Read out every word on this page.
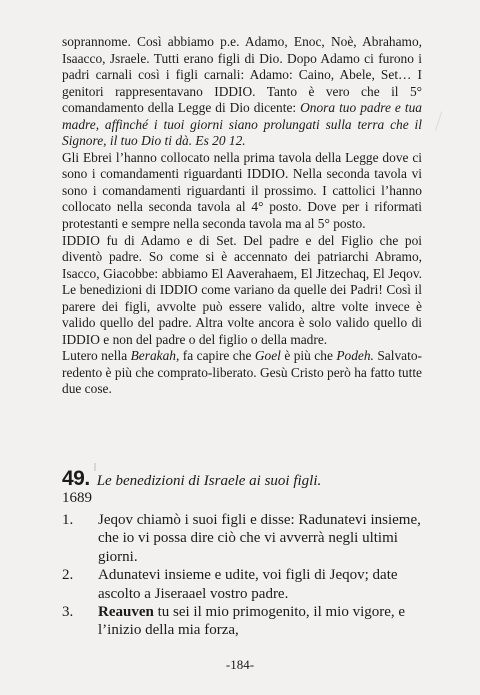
soprannome. Così abbiamo p.e. Adamo, Enoc, Noè, Abrahamo, Isaacco, Jsraele. Tutti erano figli di Dio. Dopo Adamo ci furono i padri carnali così i figli carnali: Adamo: Caino, Abele, Set… I genitori rappresentavano IDDIO. Tanto è vero che il 5° comandamento della Legge di Dio dicente: Onora tuo padre e tua madre, affinché i tuoi giorni siano prolungati sulla terra che il Signore, il tuo Dio ti dà. Es 20 12.

Gli Ebrei l’hanno collocato nella prima tavola della Legge dove ci sono i comandamenti riguardanti IDDIO. Nella seconda tavola vi sono i comandamenti riguardanti il prossimo. I cattolici l’hanno collocato nella seconda tavola al 4° posto. Dove per i riformati protestanti e sempre nella seconda tavola ma al 5° posto.

IDDIO fu di Adamo e di Set. Del padre e del Figlio che poi diventò padre. So come si è accennato dei patriarchi Abramo, Isacco, Giacobbe: abbiamo El Aaverahaem, El Jitzechaq, El Jeqov. Le benedizioni di IDDIO come variano da quelle dei Padri! Così il parere dei figli, avvolte può essere valido, altre volte invece è valido quello del padre. Altra volte ancora è solo valido quello di IDDIO e non del padre o del figlio o della madre.

Lutero nella Berakah, fa capire che Goel è più che Podeh. Salvato-redento è più che comprato-liberato. Gesù Cristo però ha fatto tutte due cose.

49. Le benedizioni di Israele ai suoi figli.
1689
1. Jeqov chiamò i suoi figli e disse: Radunatevi insieme, che io vi possa dire ciò che vi avverrà negli ultimi giorni.
2. Adunatevi insieme e udite, voi figli di Jeqov; date ascolto a Jiseraael vostro padre.
3. Reauven tu sei il mio primogenito, il mio vigore, e l’inizio della mia forza,
-184-
